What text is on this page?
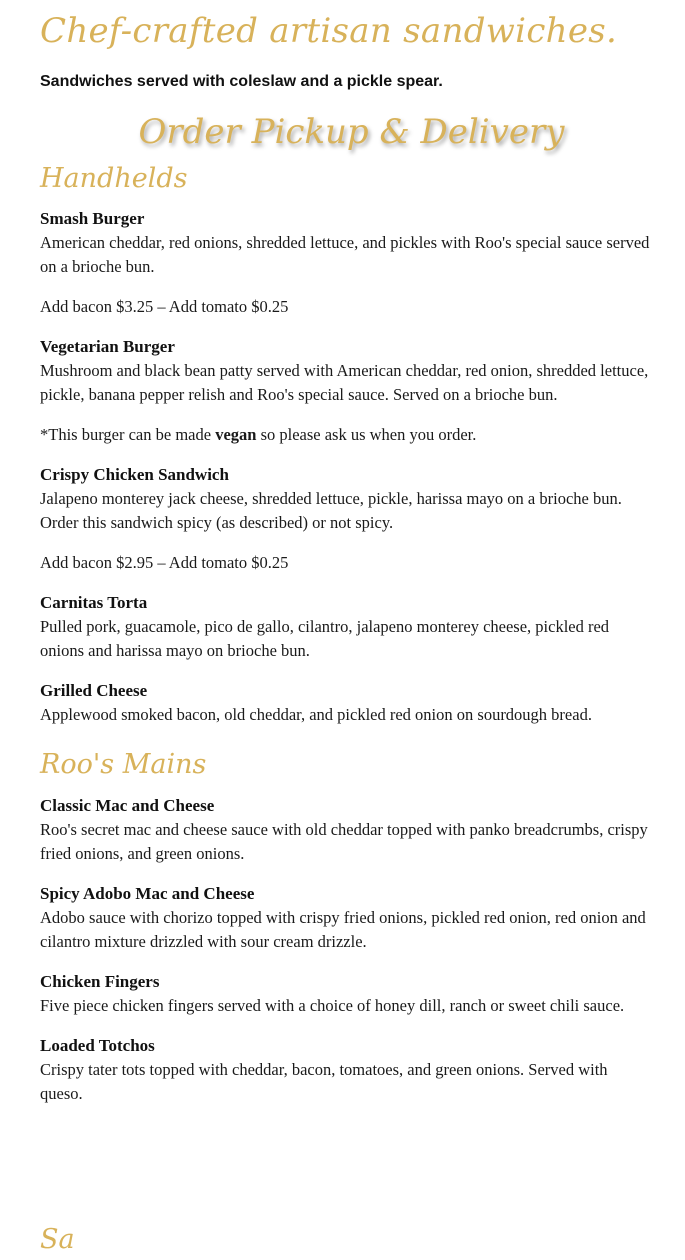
Chef-crafted artisan sandwiches.
Sandwiches served with coleslaw and a pickle spear.
Order Pickup & Delivery
Handhelds
Smash Burger
American cheddar, red onions, shredded lettuce, and pickles with Roo's special sauce served on a brioche bun.
Add bacon $3.25 – Add tomato $0.25
Vegetarian Burger
Mushroom and black bean patty served with American cheddar, red onion, shredded lettuce, pickle, banana pepper relish and Roo's special sauce. Served on a brioche bun.
*This burger can be made vegan so please ask us when you order.
Crispy Chicken Sandwich
Jalapeno monterey jack cheese, shredded lettuce, pickle, harissa mayo on a brioche bun. Order this sandwich spicy (as described) or not spicy.
Add bacon $2.95 – Add tomato $0.25
Carnitas Torta
Pulled pork, guacamole, pico de gallo, cilantro, jalapeno monterey cheese, pickled red onions and harissa mayo on brioche bun.
Grilled Cheese
Applewood smoked bacon, old cheddar, and pickled red onion on sourdough bread.
Roo's Mains
Classic Mac and Cheese
Roo's secret mac and cheese sauce with old cheddar topped with panko breadcrumbs, crispy fried onions, and green onions.
Spicy Adobo Mac and Cheese
Adobo sauce with chorizo topped with crispy fried onions, pickled red onion, red onion and cilantro mixture drizzled with sour cream drizzle.
Chicken Fingers
Five piece chicken fingers served with a choice of honey dill, ranch or sweet chili sauce.
Loaded Totchos
Crispy tater tots topped with cheddar, bacon, tomatoes, and green onions. Served with queso.
Sa
